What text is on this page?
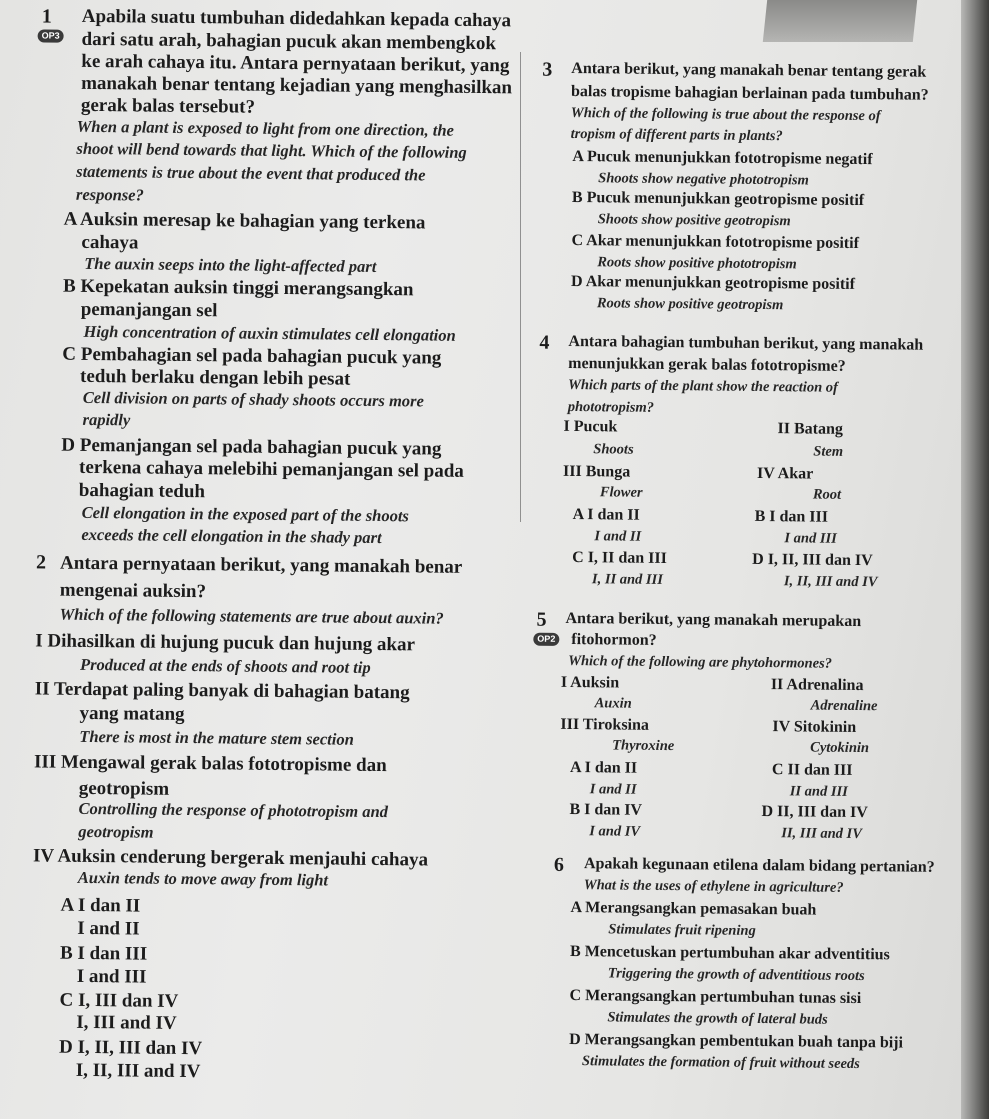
1
OP3
Apabila suatu tumbuhan didedahkan kepada cahaya
dari satu arah, bahagian pucuk akan membengkok
ke arah cahaya itu. Antara pernyataan berikut, yang
manakah benar tentang kejadian yang menghasilkan
gerak balas tersebut?
When a plant is exposed to light from one direction, the
shoot will bend towards that light. Which of the following
statements is true about the event that produced the
response?
A Auksin meresap ke bahagian yang terkena
cahaya
The auxin seeps into the light-affected part
B Kepekatan auksin tinggi merangsangkan
pemanjangan sel
High concentration of auxin stimulates cell elongation
C Pembahagian sel pada bahagian pucuk yang
teduh berlaku dengan lebih pesat
Cell division on parts of shady shoots occurs more
rapidly
D Pemanjangan sel pada bahagian pucuk yang
terkena cahaya melebihi pemanjangan sel pada
bahagian teduh
Cell elongation in the exposed part of the shoots
exceeds the cell elongation in the shady part
2 Antara pernyataan berikut, yang manakah benar
mengenai auksin?
Which of the following statements are true about auxin?
I Dihasilkan di hujung pucuk dan hujung akar
Produced at the ends of shoots and root tip
II Terdapat paling banyak di bahagian batang
yang matang
There is most in the mature stem section
III Mengawal gerak balas fototropisme dan
geotropism
Controlling the response of phototropism and
geotropism
IV Auksin cenderung bergerak menjauhi cahaya
Auxin tends to move away from light
A I dan II
I and II
B I dan III
I and III
C I, III dan IV
I, III and IV
D I, II, III dan IV
I, II, III and IV
3 Antara berikut, yang manakah benar tentang gerak
balas tropisme bahagian berlainan pada tumbuhan?
Which of the following is true about the response of
tropism of different parts in plants?
A Pucuk menunjukkan fototropisme negatif
Shoots show negative phototropism
B Pucuk menunjukkan geotropisme positif
Shoots show positive geotropism
C Akar menunjukkan fototropisme positif
Roots show positive phototropism
D Akar menunjukkan geotropisme positif
Roots show positive geotropism
4 Antara bahagian tumbuhan berikut, yang manakah
menunjukkan gerak balas fototropisme?
Which parts of the plant show the reaction of
phototropism?
I Pucuk	II Batang
Shoots	Stem
III Bunga	IV Akar
Flower	Root
A I dan II	B I dan III
I and II	I and III
C I, II dan III	D I, II, III dan IV
I, II and III	I, II, III and IV
5
OP2
Antara berikut, yang manakah merupakan
fitohormon?
Which of the following are phytohormones?
I Auksin	II Adrenalina
Auxin	Adrenaline
III Tiroksina	IV Sitokinin
Thyroxine	Cytokinin
A I dan II	C II dan III
I and II	II and III
B I dan IV	D II, III dan IV
I and IV	II, III and IV
6 Apakah kegunaan etilena dalam bidang pertanian?
What is the uses of ethylene in agriculture?
A Merangsangkan pemasakan buah
Stimulates fruit ripening
B Mencetuskan pertumbuhan akar adventitius
Triggering the growth of adventitious roots
C Merangsangkan pertumbuhan tunas sisi
Stimulates the growth of lateral buds
D Merangsangkan pembentukan buah tanpa biji
Stimulates the formation of fruit without seeds
